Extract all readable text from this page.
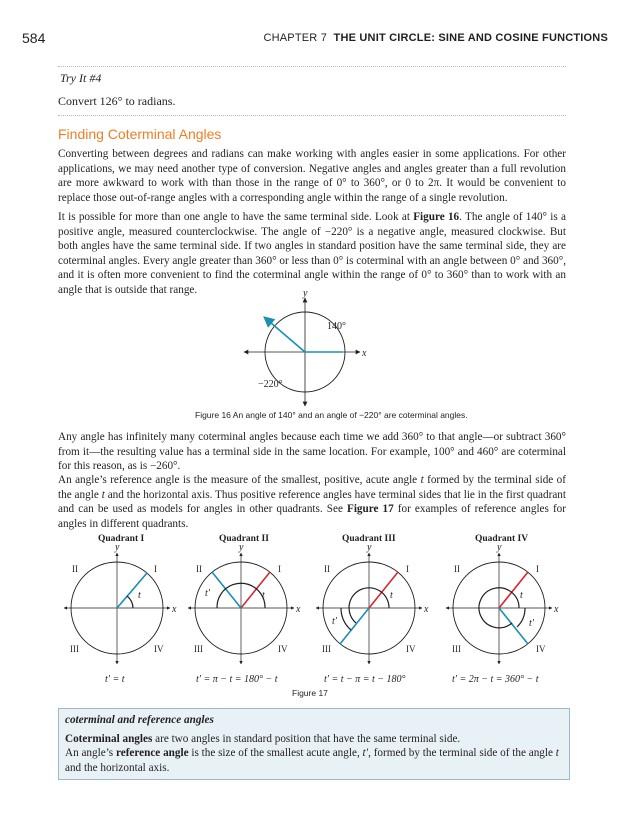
584	CHAPTER 7 THE UNIT CIRCLE: SINE AND COSINE FUNCTIONS
Try It #4
Convert 126° to radians.
Finding Coterminal Angles
Converting between degrees and radians can make working with angles easier in some applications. For other applications, we may need another type of conversion. Negative angles and angles greater than a full revolution are more awkward to work with than those in the range of 0° to 360°, or 0 to 2π. It would be convenient to replace those out-of-range angles with a corresponding angle within the range of a single revolution.
It is possible for more than one angle to have the same terminal side. Look at Figure 16. The angle of 140° is a positive angle, measured counterclockwise. The angle of −220° is a negative angle, measured clockwise. But both angles have the same terminal side. If two angles in standard position have the same terminal side, they are coterminal angles. Every angle greater than 360° or less than 0° is coterminal with an angle between 0° and 360°, and it is often more convenient to find the coterminal angle within the range of 0° to 360° than to work with an angle that is outside that range.	y
x
140°
−220°
Figure 16 An angle of 140° and an angle of −220° are coterminal angles.
Any angle has infinitely many coterminal angles because each time we add 360° to that angle—or subtract 360° from it—the resulting value has a terminal side in the same location. For example, 100° and 460° are coterminal for this reason, as is −260°.
An angle’s reference angle is the measure of the smallest, positive, acute angle t formed by the terminal side of the angle t and the horizontal axis. Thus positive reference angles have terminal sides that lie in the first quadrant and can be used as models for angles in other quadrants. See Figure 17 for examples of reference angles for angles in different quadrants.
Quadrant I
y
x
t
I
II
III	IV
t′ = t
Quadrant II
y
x
t
t′
I
II
III	IV
t′ = π − t = 180° − t
Quadrant III
y
x
t
t′
I
II
III	IV
t′ = t − π = t − 180°
Quadrant IV
y
x
t
t′
I
II
III	IV
t′ = 2π − t = 360° − t
Figure 17
coterminal and reference angles
Coterminal angles are two angles in standard position that have the same terminal side.
An angle’s reference angle is the size of the smallest acute angle, t′, formed by the terminal side of the angle t and the horizontal axis.
